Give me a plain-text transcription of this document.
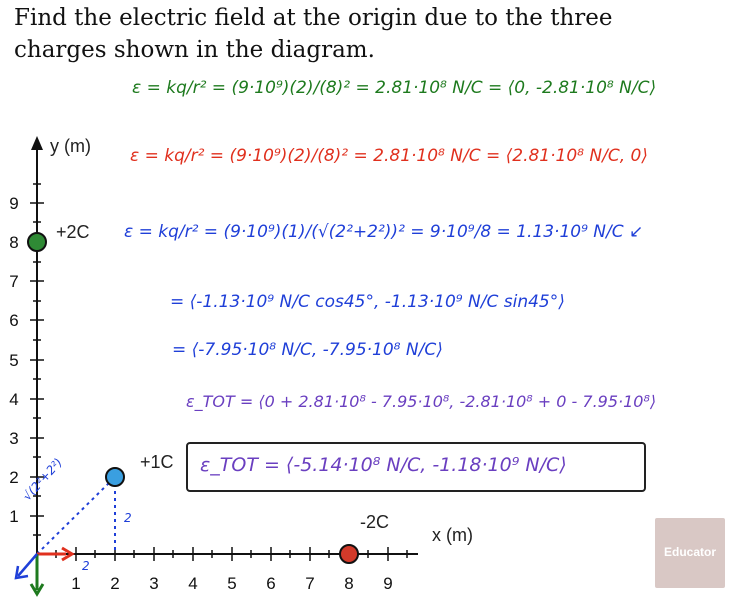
Find the electric field at the origin due to the three
charges shown in the diagram.
ε = kq/r² = (9·10⁹)(2)/(8)² = 2.81·10⁸ N/C = ⟨0, -2.81·10⁸ N/C⟩
ε = kq/r² = (9·10⁹)(2)/(8)² = 2.81·10⁸ N/C = ⟨2.81·10⁸ N/C, 0⟩
ε = kq/r² = (9·10⁹)(1)/(√(2²+2²))² = 9·10⁹/8 = 1.13·10⁹ N/C ↙
= ⟨-1.13·10⁹ N/C cos45°, -1.13·10⁹ N/C sin45°⟩
= ⟨-7.95·10⁸ N/C, -7.95·10⁸ N/C⟩
ε_TOT = ⟨0 + 2.81·10⁸ - 7.95·10⁸, -2.81·10⁸ + 0 - 7.95·10⁸⟩
ε_TOT = ⟨-5.14·10⁸ N/C, -1.18·10⁹ N/C⟩
y (m)
x (m)
1
2
3
4
5
6
7
8
9
1 2 3 4 5 6 7 8 9
+2C
+1C
-2C
√(2²+2²)
2
2
Educator
